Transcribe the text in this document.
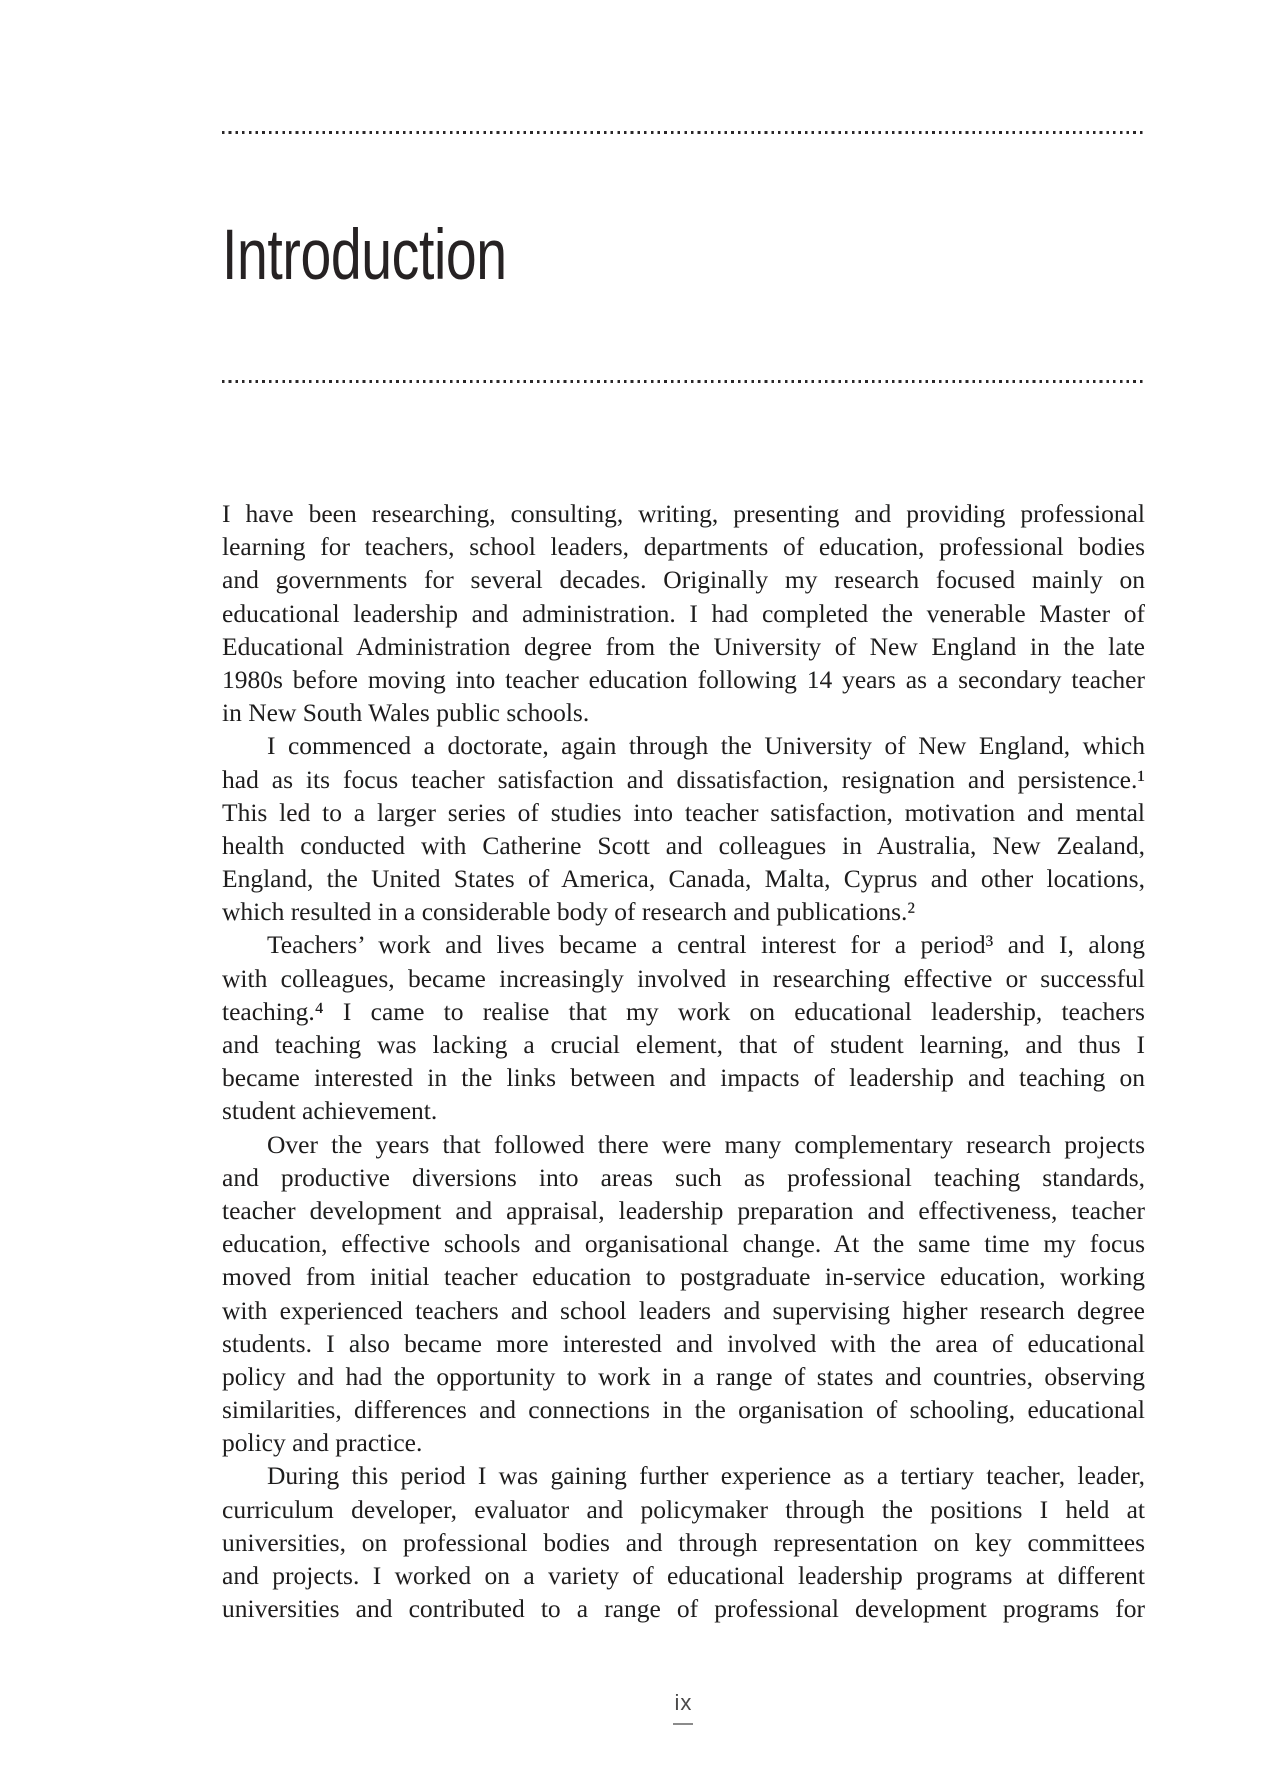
Introduction
I have been researching, consulting, writing, presenting and providing professional
learning for teachers, school leaders, departments of education, professional bodies
and governments for several decades. Originally my research focused mainly on
educational leadership and administration. I had completed the venerable Master of
Educational Administration degree from the University of New England in the late
1980s before moving into teacher education following 14 years as a secondary teacher
in New South Wales public schools.
I commenced a doctorate, again through the University of New England, which
had as its focus teacher satisfaction and dissatisfaction, resignation and persistence.¹
This led to a larger series of studies into teacher satisfaction, motivation and mental
health conducted with Catherine Scott and colleagues in Australia, New Zealand,
England, the United States of America, Canada, Malta, Cyprus and other locations,
which resulted in a considerable body of research and publications.²
Teachers’ work and lives became a central interest for a period³ and I, along
with colleagues, became increasingly involved in researching effective or successful
teaching.⁴ I came to realise that my work on educational leadership, teachers
and teaching was lacking a crucial element, that of student learning, and thus I
became interested in the links between and impacts of leadership and teaching on
student achievement.
Over the years that followed there were many complementary research projects
and productive diversions into areas such as professional teaching standards,
teacher development and appraisal, leadership preparation and effectiveness, teacher
education, effective schools and organisational change. At the same time my focus
moved from initial teacher education to postgraduate in-service education, working
with experienced teachers and school leaders and supervising higher research degree
students. I also became more interested and involved with the area of educational
policy and had the opportunity to work in a range of states and countries, observing
similarities, differences and connections in the organisation of schooling, educational
policy and practice.
During this period I was gaining further experience as a tertiary teacher, leader,
curriculum developer, evaluator and policymaker through the positions I held at
universities, on professional bodies and through representation on key committees
and projects. I worked on a variety of educational leadership programs at different
universities and contributed to a range of professional development programs for
ix
